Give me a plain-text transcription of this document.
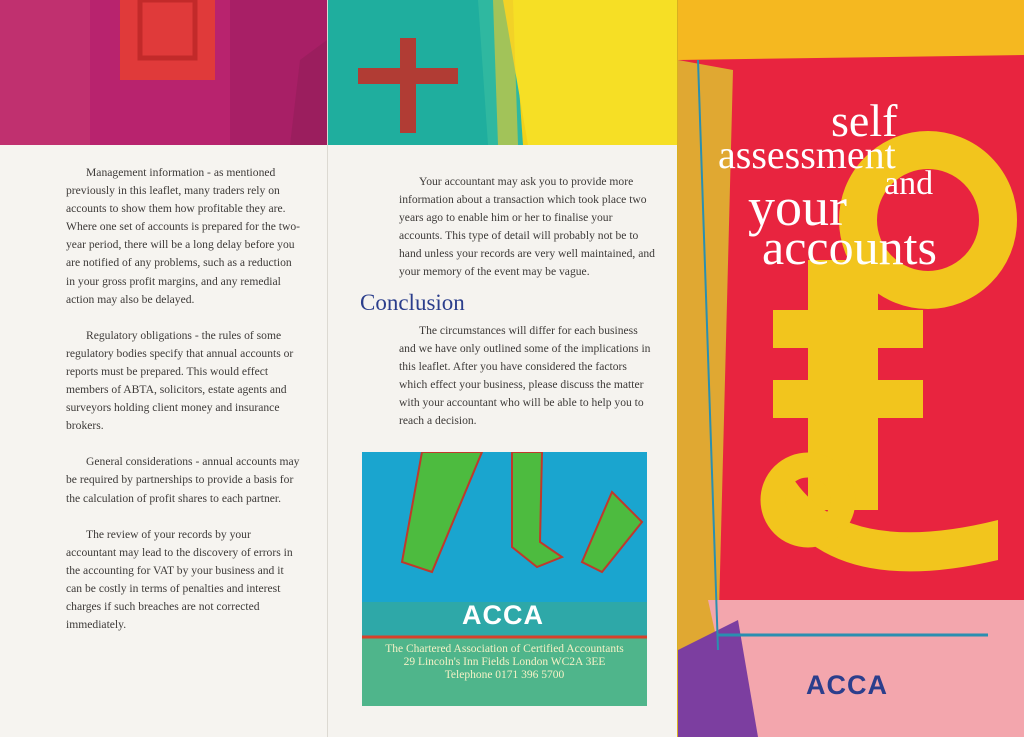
Management information - as mentioned previously in this leaflet, many traders rely on accounts to show them how profitable they are. Where one set of accounts is prepared for the two-year period, there will be a long delay before you are notified of any problems, such as a reduction in your gross profit margins, and any remedial action may also be delayed.

Regulatory obligations - the rules of some regulatory bodies specify that annual accounts or reports must be prepared. This would effect members of ABTA, solicitors, estate agents and surveyors holding client money and insurance brokers.

General considerations - annual accounts may be required by partnerships to provide a basis for the calculation of profit shares to each partner.

The review of your records by your accountant may lead to the discovery of errors in the accounting for VAT by your business and it can be costly in terms of penalties and interest charges if such breaches are not corrected immediately.

Your accountant may ask you to provide more information about a transaction which took place two years ago to enable him or her to finalise your accounts. This type of detail will probably not be to hand unless your records are very well maintained, and your memory of the event may be vague.

Conclusion

The circumstances will differ for each business and we have only outlined some of the implications in this leaflet. After you have considered the factors which effect your business, please discuss the matter with your accountant who will be able to help you to reach a decision.

ACCA
The Chartered Association of Certified Accountants
29 Lincoln's Inn Fields London WC2A 3EE
Telephone 0171 396 5700
self
assessment
and
your
accounts
ACCA
